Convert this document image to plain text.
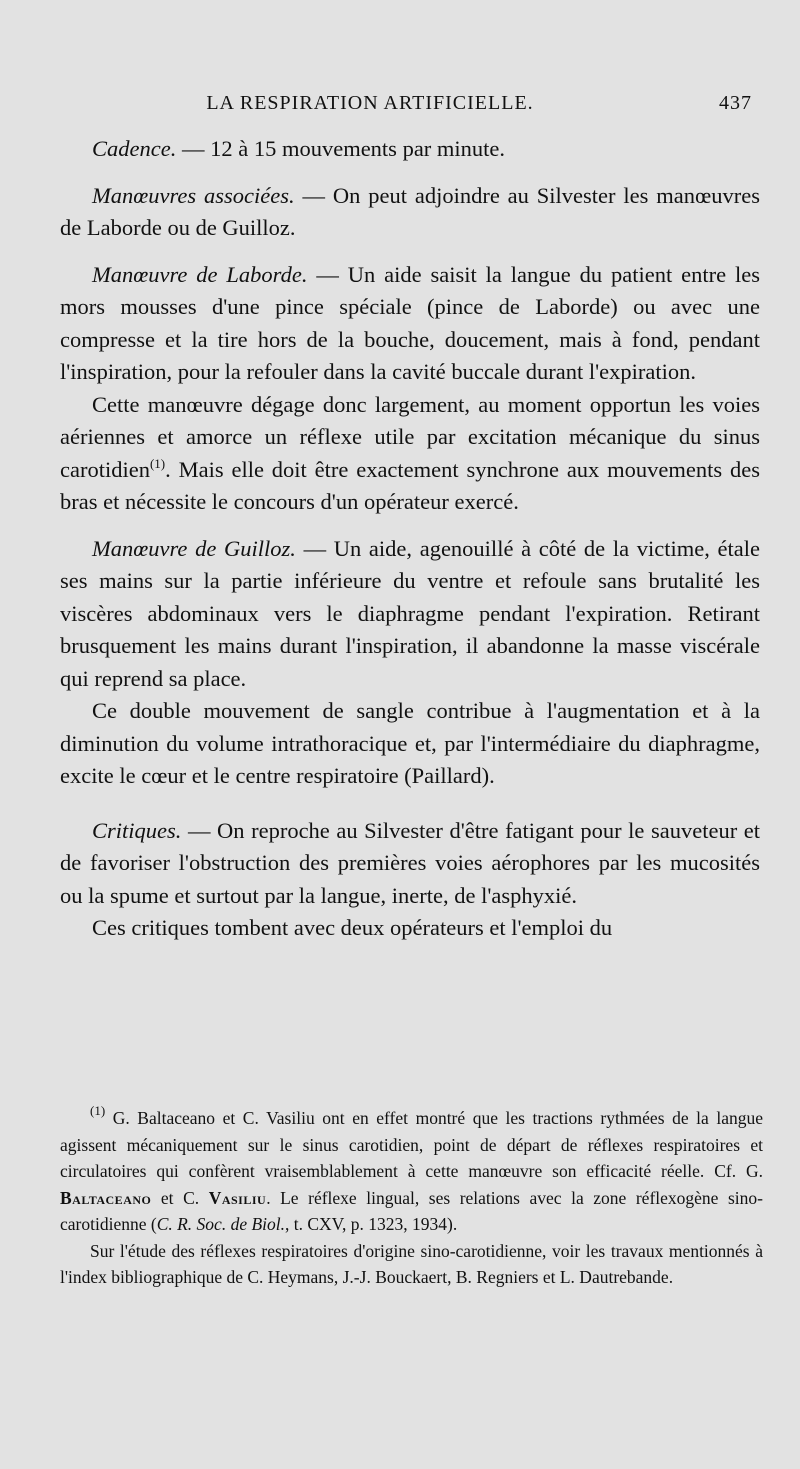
LA RESPIRATION ARTIFICIELLE.	437

Cadence. — 12 à 15 mouvements par minute.

Manœuvres associées. — On peut adjoindre au Silvester les manœuvres de Laborde ou de Guilloz.

Manœuvre de Laborde. — Un aide saisit la langue du patient entre les mors mousses d'une pince spéciale (pince de Laborde) ou avec une compresse et la tire hors de la bouche, doucement, mais à fond, pendant l'inspiration, pour la refouler dans la cavité buccale durant l'expiration.

Cette manœuvre dégage donc largement, au moment opportun les voies aériennes et amorce un réflexe utile par excitation mécanique du sinus carotidien$^{(1)}$. Mais elle doit être exactement synchrone aux mouvements des bras et nécessite le concours d'un opérateur exercé.

Manœuvre de Guilloz. — Un aide, agenouillé à côté de la victime, étale ses mains sur la partie inférieure du ventre et refoule sans brutalité les viscères abdominaux vers le diaphragme pendant l'expiration. Retirant brusquement les mains durant l'inspiration, il abandonne la masse viscérale qui reprend sa place.

Ce double mouvement de sangle contribue à l'augmentation et à la diminution du volume intrathoracique et, par l'intermédiaire du diaphragme, excite le cœur et le centre respiratoire (Paillard).

Critiques. — On reproche au Silvester d'être fatigant pour le sauveteur et de favoriser l'obstruction des premières voies aérophores par les mucosités ou la spume et surtout par la langue, inerte, de l'asphyxié.

Ces critiques tombent avec deux opérateurs et l'emploi du

$^{(1)}$ G. Baltaceano et C. Vasiliu ont en effet montré que les tractions rythmées de la langue agissent mécaniquement sur le sinus carotidien, point de départ de réflexes respiratoires et circulatoires qui confèrent vraisemblablement à cette manœuvre son efficacité réelle. Cf. G. Baltaceano et C. Vasiliu. Le réflexe lingual, ses relations avec la zone réflexogène sino-carotidienne (C. R. Soc. de Biol., t. CXV, p. 1323, 1934).

Sur l'étude des réflexes respiratoires d'origine sino-carotidienne, voir les travaux mentionnés à l'index bibliographique de C. Heymans, J.-J. Bouckaert, B. Regniers et L. Dautrebande.
